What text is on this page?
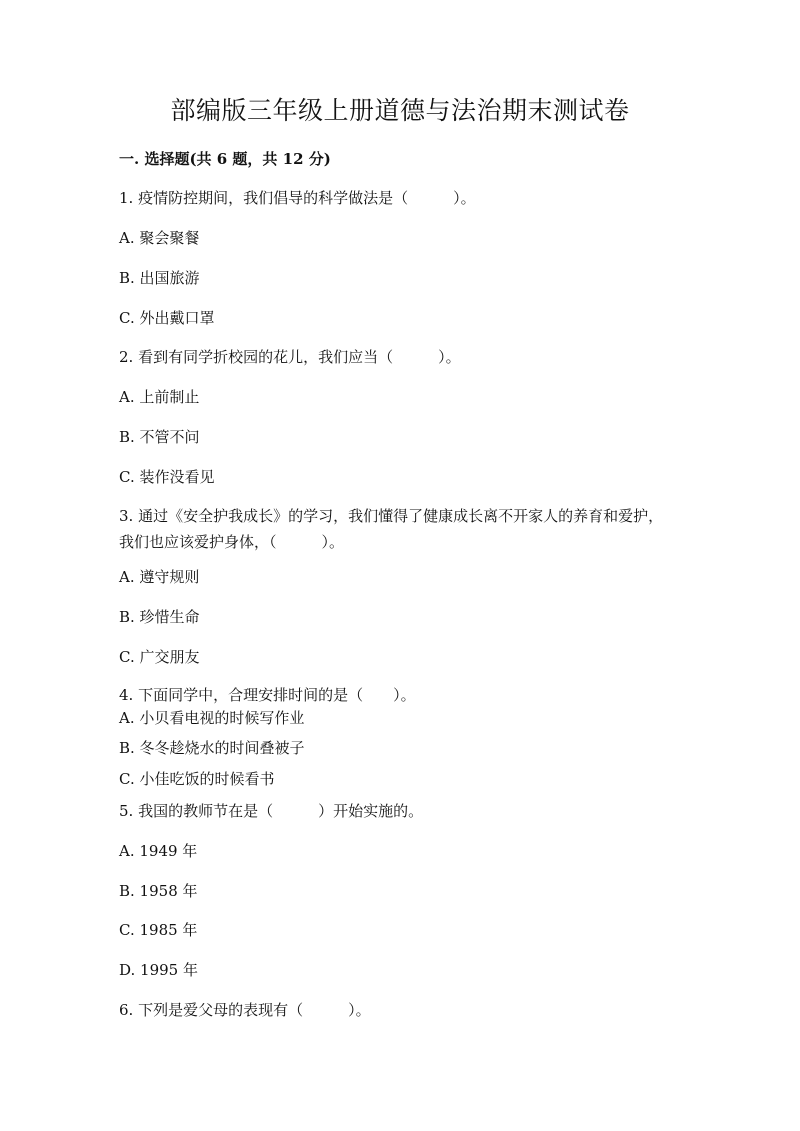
部编版三年级上册道德与法治期末测试卷
一. 选择题(共 6 题，共 12 分)
1. 疫情防控期间，我们倡导的科学做法是（　　　）。
A. 聚会聚餐
B. 出国旅游
C. 外出戴口罩
2. 看到有同学折校园的花儿，我们应当（　　　）。
A. 上前制止
B. 不管不问
C. 装作没看见
3. 通过《安全护我成长》的学习，我们懂得了健康成长离不开家人的养育和爱护，我们也应该爱护身体，（　　　）。
A. 遵守规则
B. 珍惜生命
C. 广交朋友
4. 下面同学中，合理安排时间的是（　　）。
A. 小贝看电视的时候写作业
B. 冬冬趁烧水的时间叠被子
C. 小佳吃饭的时候看书
5. 我国的教师节在是（　　　）开始实施的。
A. 1949 年
B. 1958 年
C. 1985 年
D. 1995 年
6. 下列是爱父母的表现有（　　　）。
